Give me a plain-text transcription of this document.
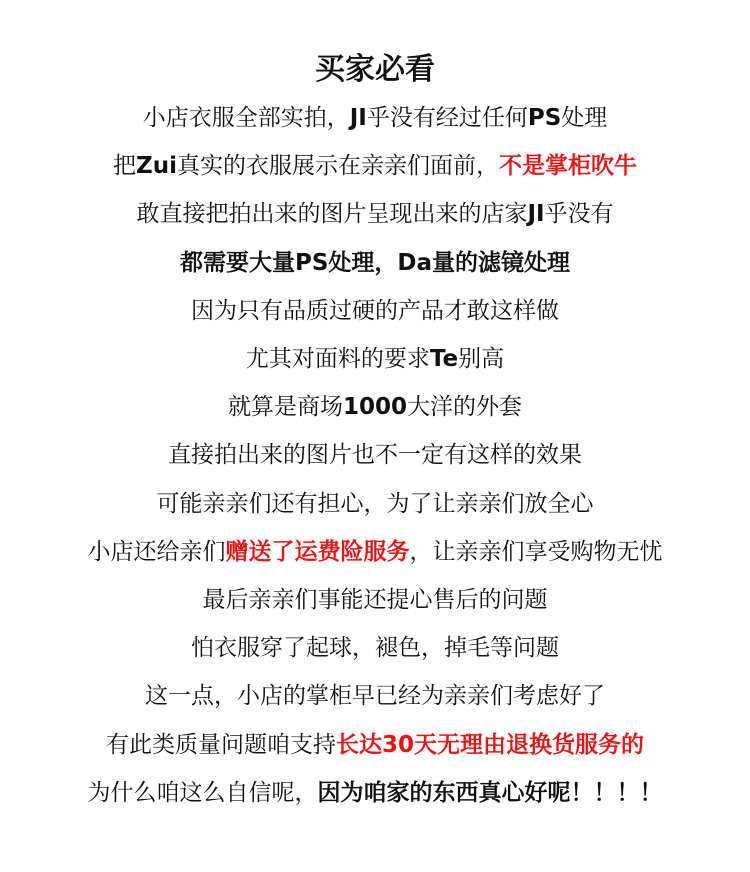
买家必看
小店衣服全部实拍，JI乎没有经过任何PS处理
把Zui真实的衣服展示在亲亲们面前，不是掌柜吹牛
敢直接把拍出来的图片呈现出来的店家JI乎没有
都需要大量PS处理，Da量的滤镜处理
因为只有品质过硬的产品才敢这样做
尤其对面料的要求Te别高
就算是商场1000大洋的外套
直接拍出来的图片也不一定有这样的效果
可能亲亲们还有担心，为了让亲亲们放全心
小店还给亲们赠送了运费险服务，让亲亲们享受购物无忧
最后亲亲们事能还提心售后的问题
怕衣服穿了起球，褪色，掉毛等问题
这一点，小店的掌柜早已经为亲亲们考虑好了
有此类质量问题咱支持长达30天无理由退换货服务的
为什么咱这么自信呢，因为咱家的东西真心好呢！！！！
